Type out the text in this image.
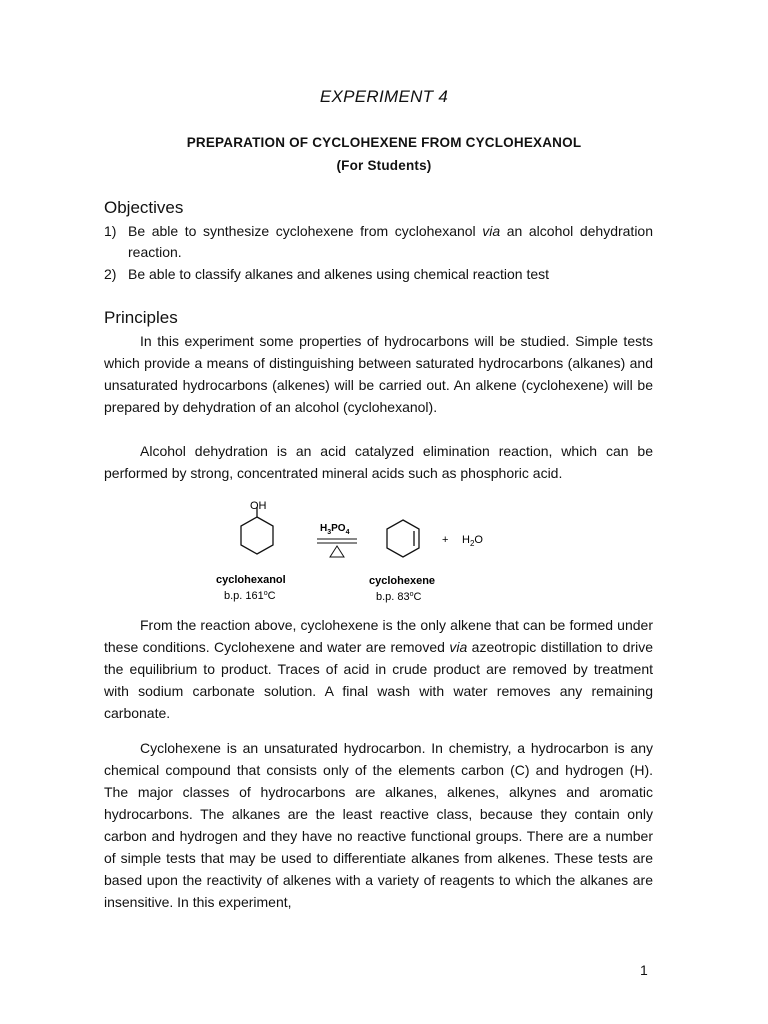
EXPERIMENT 4
PREPARATION OF CYCLOHEXENE FROM CYCLOHEXANOL
(For Students)
Objectives
1) Be able to synthesize cyclohexene from cyclohexanol via an alcohol dehydration reaction.
2) Be able to classify alkanes and alkenes using chemical reaction test
Principles
In this experiment some properties of hydrocarbons will be studied. Simple tests which provide a means of distinguishing between saturated hydrocarbons (alkanes) and unsaturated hydrocarbons (alkenes) will be carried out. An alkene (cyclohexene) will be prepared by dehydration of an alcohol (cyclohexanol).
Alcohol dehydration is an acid catalyzed elimination reaction, which can be performed by strong, concentrated mineral acids such as phosphoric acid.
OH
$H_3PO_4$
+ $H_2O$
cyclohexanol
b.p. 161$^o$C
cyclohexene
b.p. 83$^o$C
From the reaction above, cyclohexene is the only alkene that can be formed under these conditions. Cyclohexene and water are removed via azeotropic distillation to drive the equilibrium to product. Traces of acid in crude product are removed by treatment with sodium carbonate solution. A final wash with water removes any remaining carbonate.
Cyclohexene is an unsaturated hydrocarbon. In chemistry, a hydrocarbon is any chemical compound that consists only of the elements carbon (C) and hydrogen (H). The major classes of hydrocarbons are alkanes, alkenes, alkynes and aromatic hydrocarbons. The alkanes are the least reactive class, because they contain only carbon and hydrogen and they have no reactive functional groups. There are a number of simple tests that may be used to differentiate alkanes from alkenes. These tests are based upon the reactivity of alkenes with a variety of reagents to which the alkanes are insensitive. In this experiment,
1
